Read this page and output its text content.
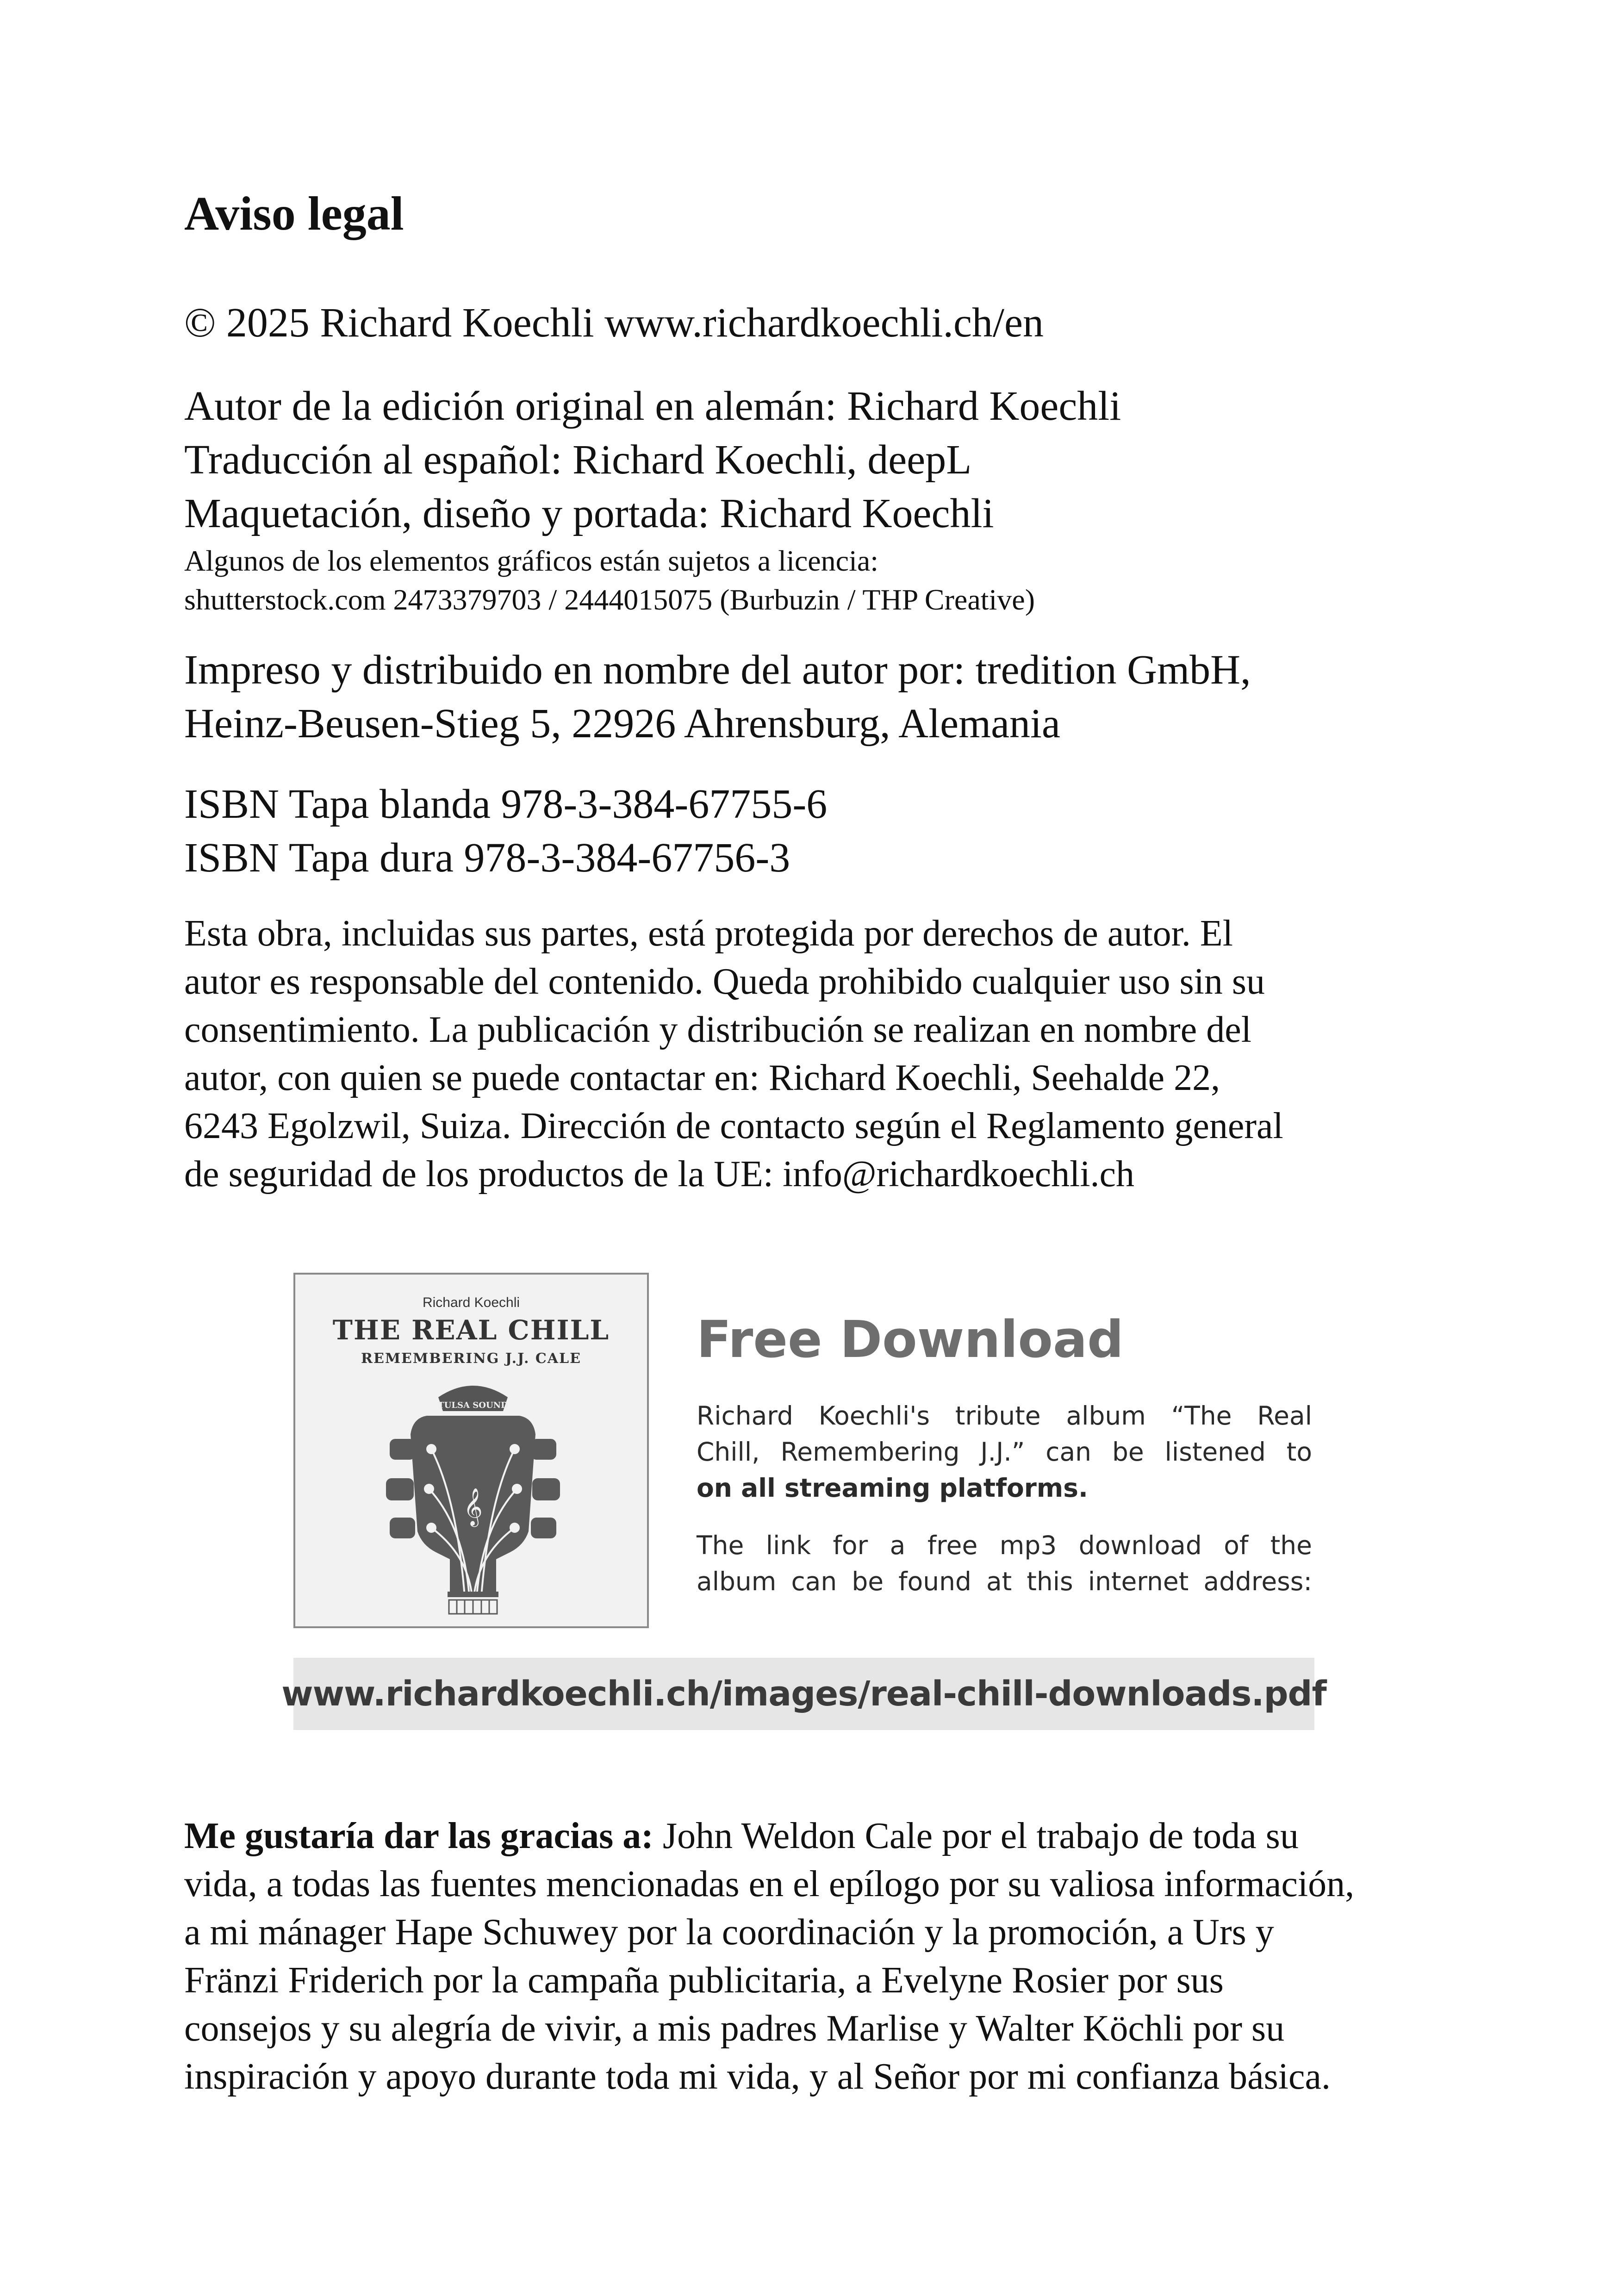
Aviso legal
© 2025 Richard Koechli www.richardkoechli.ch/en
Autor de la edición original en alemán: Richard Koechli
Traducción al español: Richard Koechli, deepL
Maquetación, diseño y portada: Richard Koechli
Algunos de los elementos gráficos están sujetos a licencia:
shutterstock.com 2473379703 / 2444015075 (Burbuzin / THP Creative)
Impreso y distribuido en nombre del autor por: tredition GmbH,
Heinz-Beusen-Stieg 5, 22926 Ahrensburg, Alemania
ISBN Tapa blanda 978-3-384-67755-6
ISBN Tapa dura 978-3-384-67756-3
Esta obra, incluidas sus partes, está protegida por derechos de autor. El
autor es responsable del contenido. Queda prohibido cualquier uso sin su
consentimiento. La publicación y distribución se realizan en nombre del
autor, con quien se puede contactar en: Richard Koechli, Seehalde 22,
6243 Egolzwil, Suiza. Dirección de contacto según el Reglamento general
de seguridad de los productos de la UE: info@richardkoechli.ch
Richard Koechli
THE REAL CHILL
REMEMBERING J.J. CALE
TULSA SOUND
𝄞
Free Download
Richard Koechli's tribute album “The Real
Chill, Remembering J.J.” can be listened to
on all streaming platforms.
The link for a free mp3 download of the
album can be found at this internet address:
www.richardkoechli.ch/images/real-chill-downloads.pdf
Me gustaría dar las gracias a: John Weldon Cale por el trabajo de toda su
vida, a todas las fuentes mencionadas en el epílogo por su valiosa información,
a mi mánager Hape Schuwey por la coordinación y la promoción, a Urs y
Fränzi Friderich por la campaña publicitaria, a Evelyne Rosier por sus
consejos y su alegría de vivir, a mis padres Marlise y Walter Köchli por su
inspiración y apoyo durante toda mi vida, y al Señor por mi confianza básica.
